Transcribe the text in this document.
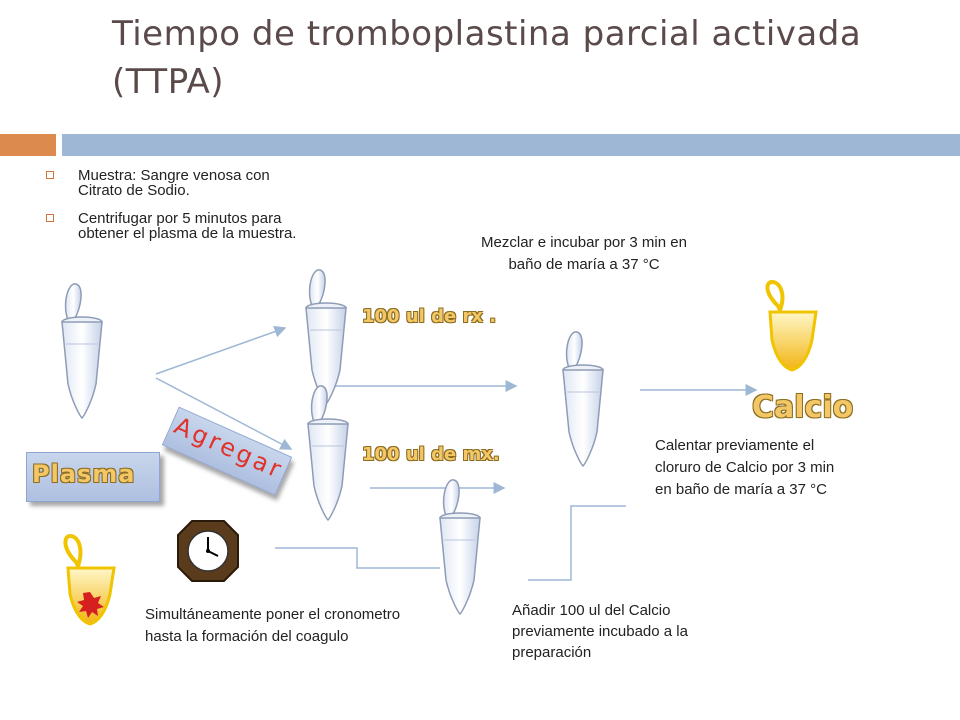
Tiempo de tromboplastina parcial activada (TTPA)
Muestra: Sangre venosa con Citrato de Sodio.
Centrifugar por 5 minutos para obtener el plasma de la muestra.
Plasma Agregar
100 ul de rx .
100 ul de mx.
Calcio
Mezclar e incubar por 3 min en baño de maría a 37 °C
Calentar previamente el cloruro de Calcio por 3 min en baño de maría a 37 °C
Añadir 100 ul del Calcio previamente incubado a la preparación
Simultáneamente poner el cronometro hasta la formación del coagulo
